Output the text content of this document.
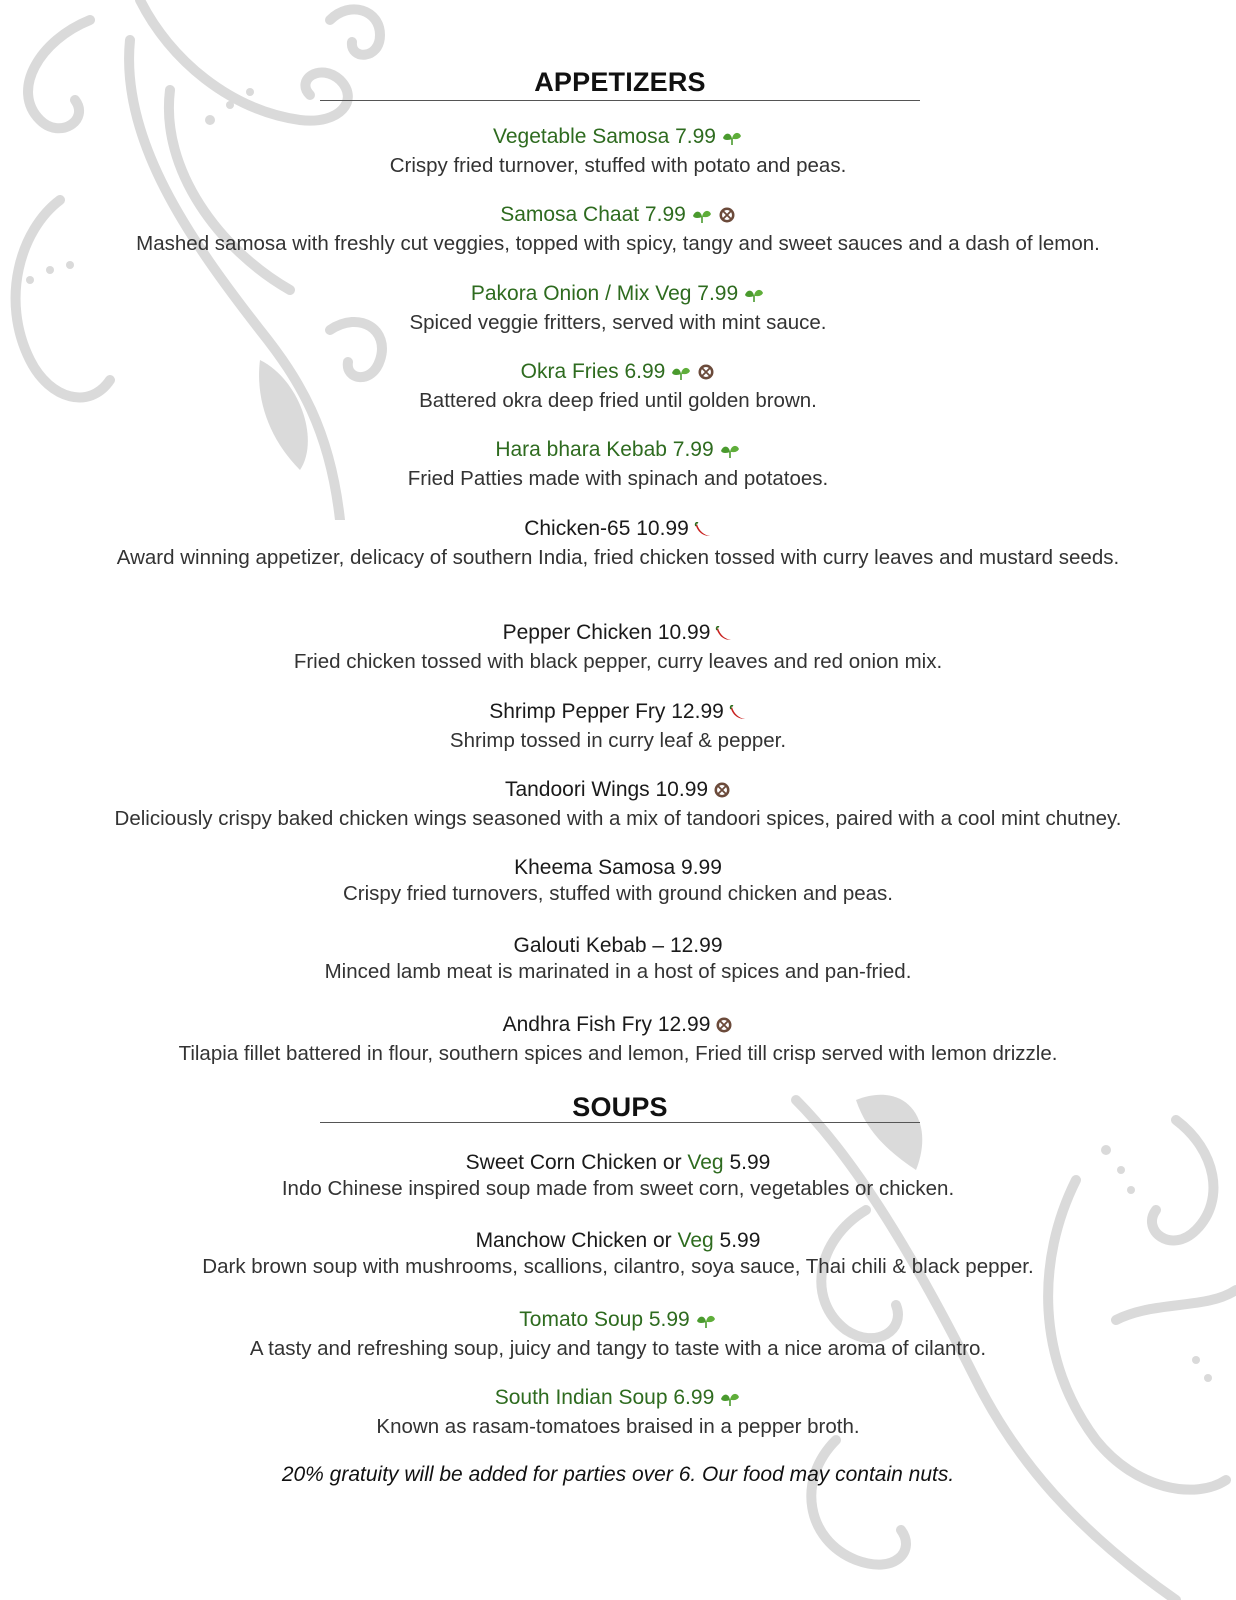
APPETIZERS
Vegetable Samosa 7.99
Crispy fried turnover, stuffed with potato and peas.
Samosa Chaat 7.99
Mashed samosa with freshly cut veggies, topped with spicy, tangy and sweet sauces and a dash of lemon.
Pakora Onion / Mix Veg 7.99
Spiced veggie fritters, served with mint sauce.
Okra Fries 6.99
Battered okra deep fried until golden brown.
Hara bhara Kebab 7.99
Fried Patties made with spinach and potatoes.
Chicken-65 10.99
Award winning appetizer, delicacy of southern India, fried chicken tossed with curry leaves and mustard seeds.
Pepper Chicken 10.99
Fried chicken tossed with black pepper, curry leaves and red onion mix.
Shrimp Pepper Fry 12.99
Shrimp tossed in curry leaf & pepper.
Tandoori Wings 10.99
Deliciously crispy baked chicken wings seasoned with a mix of tandoori spices, paired with a cool mint chutney.
Kheema Samosa 9.99
Crispy fried turnovers, stuffed with ground chicken and peas.
Galouti Kebab – 12.99
Minced lamb meat is marinated in a host of spices and pan-fried.
Andhra Fish Fry 12.99
Tilapia fillet battered in flour, southern spices and lemon, Fried till crisp served with lemon drizzle.
SOUPS
Sweet Corn Chicken or Veg 5.99
Indo Chinese inspired soup made from sweet corn, vegetables or chicken.
Manchow Chicken or Veg 5.99
Dark brown soup with mushrooms, scallions, cilantro, soya sauce, Thai chili & black pepper.
Tomato Soup 5.99
A tasty and refreshing soup, juicy and tangy to taste with a nice aroma of cilantro.
South Indian Soup 6.99
Known as rasam-tomatoes braised in a pepper broth.
20% gratuity will be added for parties over 6. Our food may contain nuts.
